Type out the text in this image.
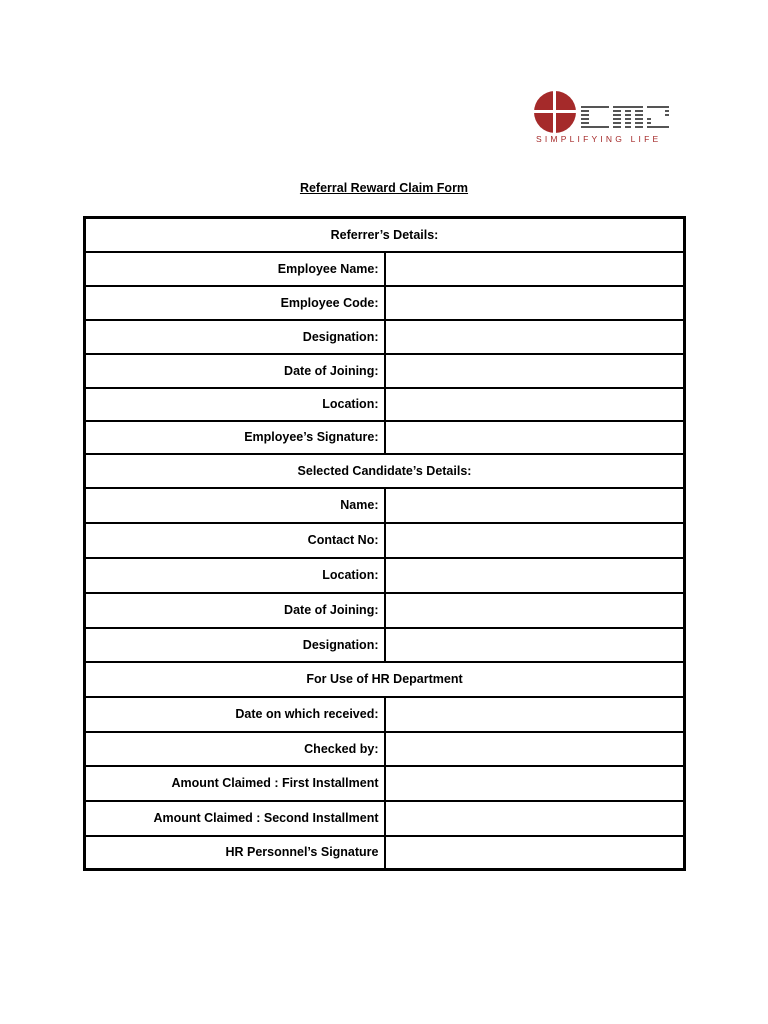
SIMPLIFYING LIFE
Referral Reward Claim Form
Referrer’s Details:	
Employee Name:	
Employee Code:	
Designation:	
Date of Joining:	
Location:	
Employee’s Signature:	
Selected Candidate’s Details:	
Name:	
Contact No:	
Location:	
Date of Joining:	
Designation:	
For Use of HR Department	
Date on which received:	
Checked by:	
Amount Claimed : First Installment	
Amount Claimed : Second Installment	
HR Personnel’s Signature	
